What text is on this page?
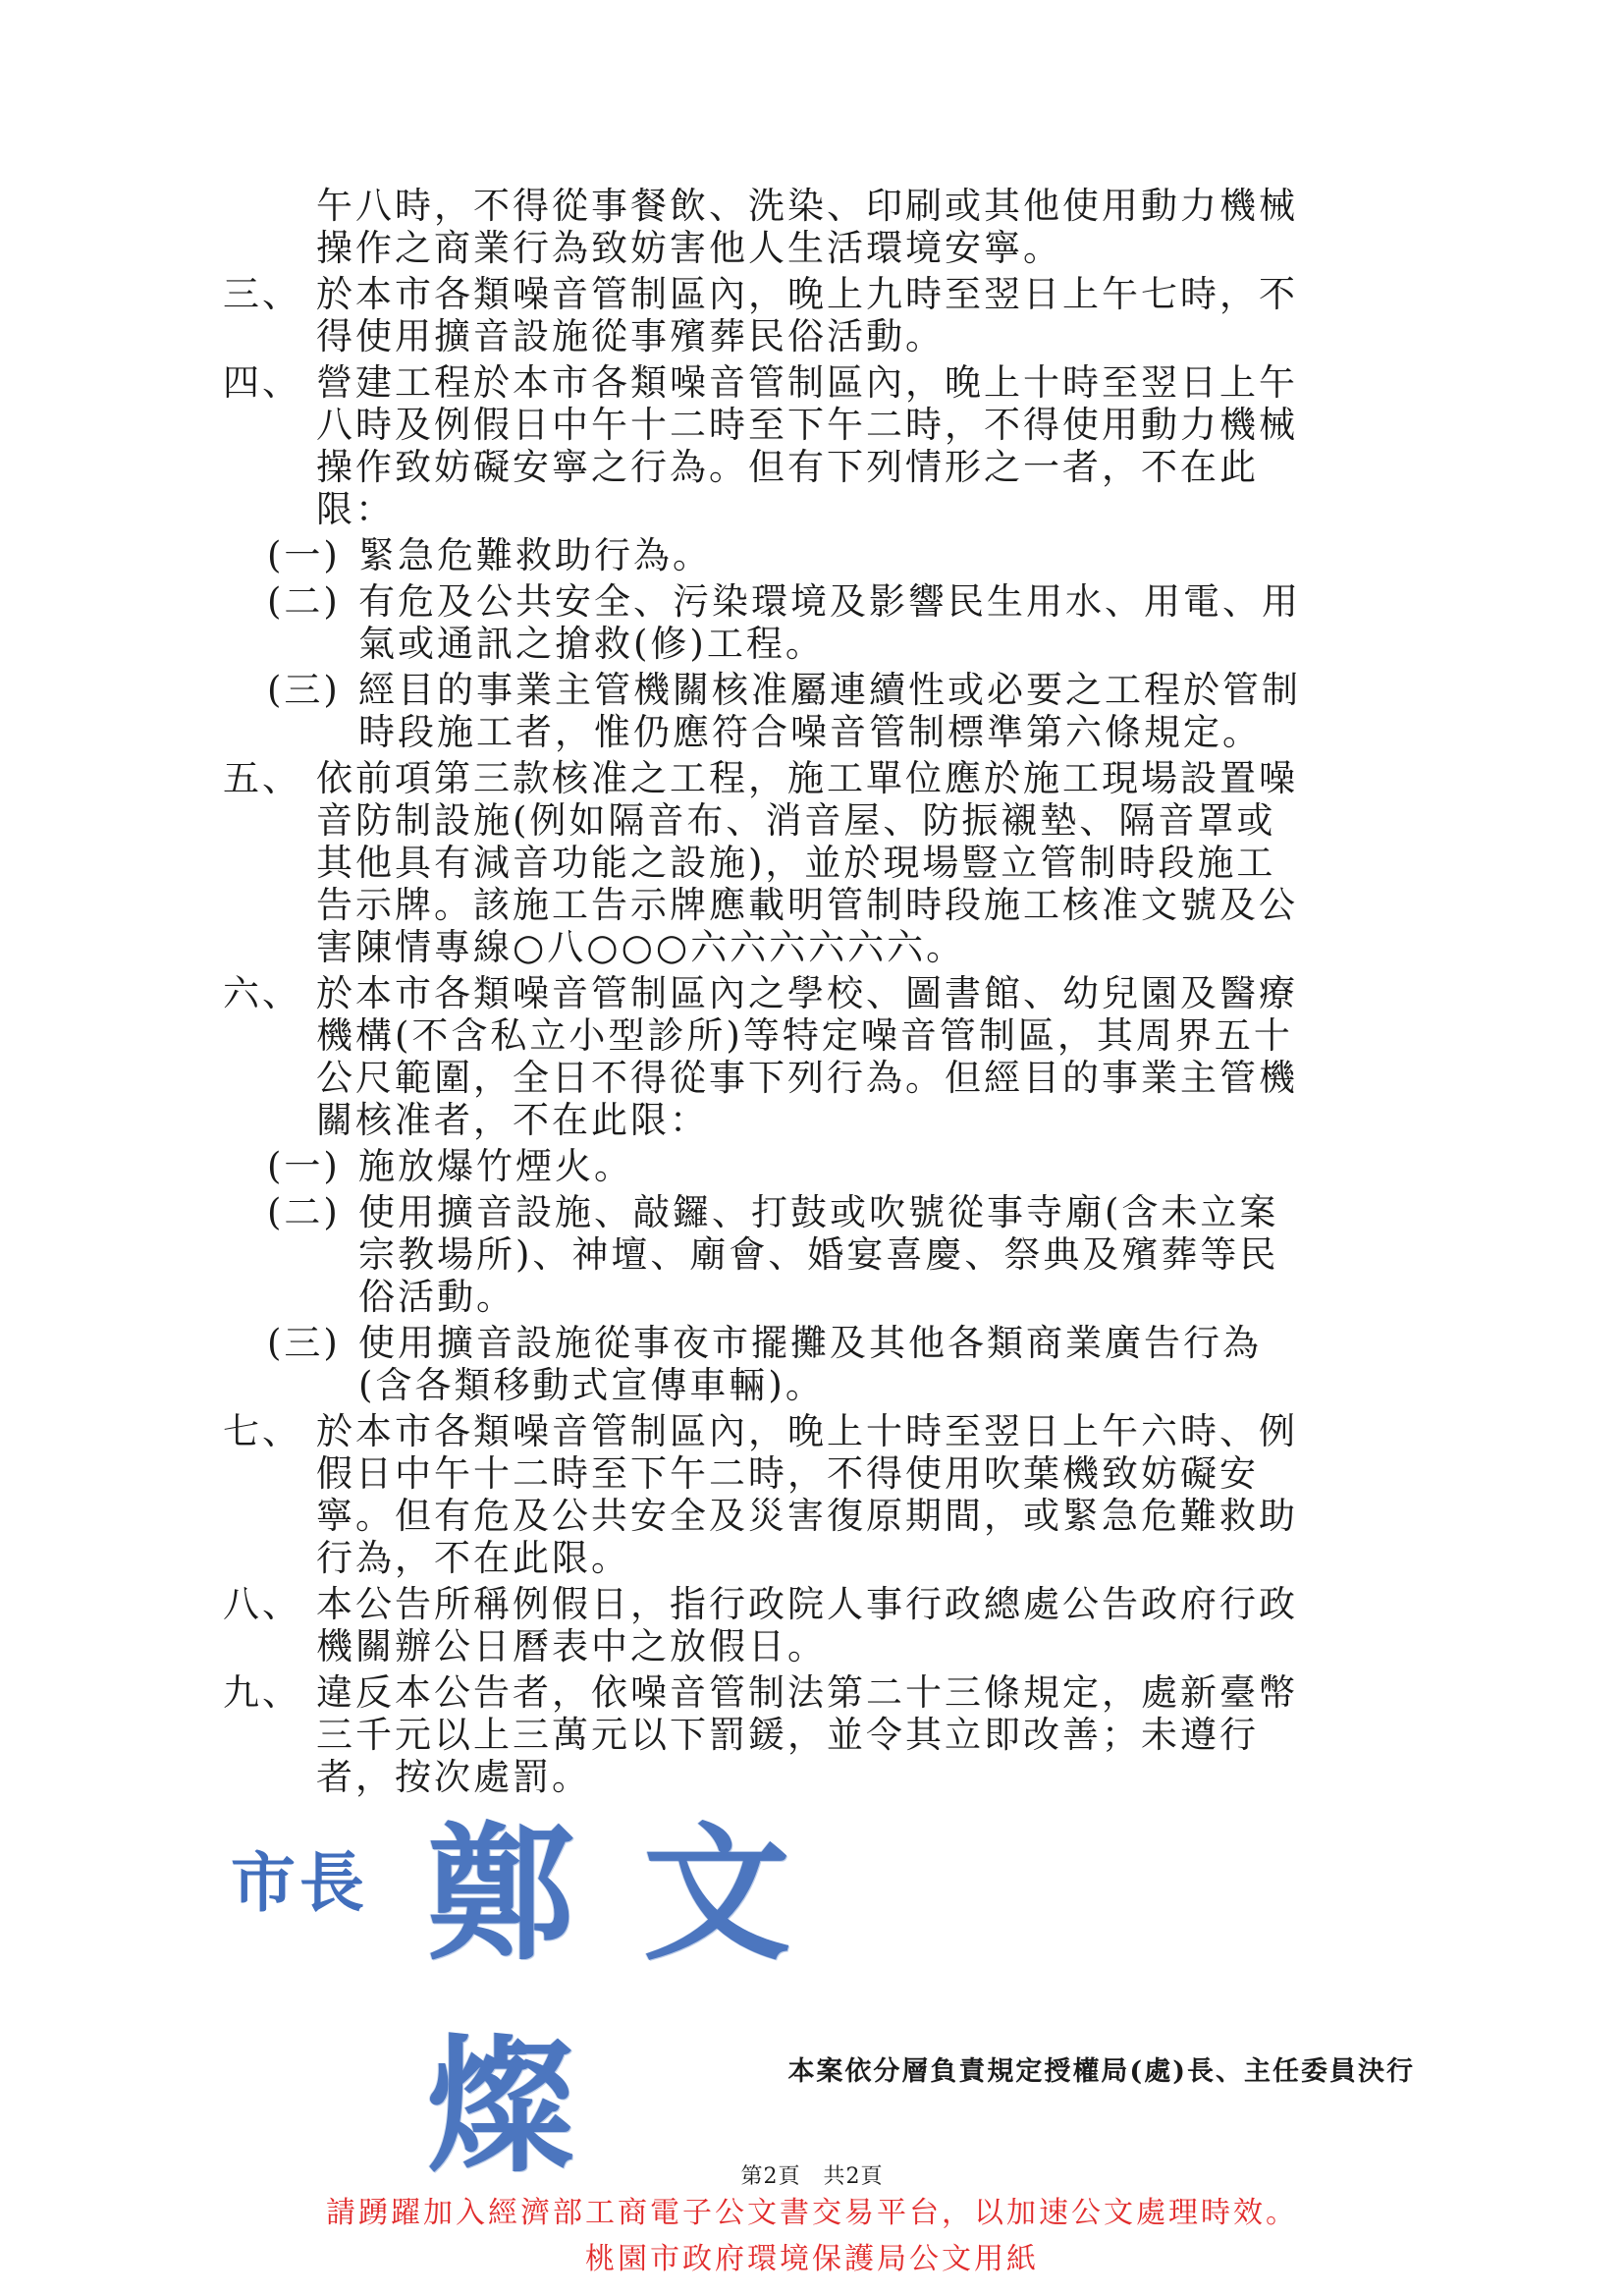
午八時，不得從事餐飲、洗染、印刷或其他使用動力機械
操作之商業行為致妨害他人生活環境安寧。
三、 於本市各類噪音管制區內，晚上九時至翌日上午七時，不
得使用擴音設施從事殯葬民俗活動。
四、 營建工程於本市各類噪音管制區內，晚上十時至翌日上午
八時及例假日中午十二時至下午二時，不得使用動力機械
操作致妨礙安寧之行為。但有下列情形之一者，不在此
限：
(一) 緊急危難救助行為。
(二) 有危及公共安全、污染環境及影響民生用水、用電、用
氣或通訊之搶救(修)工程。
(三) 經目的事業主管機關核准屬連續性或必要之工程於管制
時段施工者，惟仍應符合噪音管制標準第六條規定。
五、 依前項第三款核准之工程，施工單位應於施工現場設置噪
音防制設施(例如隔音布、消音屋、防振襯墊、隔音罩或
其他具有減音功能之設施)，並於現場豎立管制時段施工
告示牌。該施工告示牌應載明管制時段施工核准文號及公
害陳情專線○八○○○六六六六六六。
六、 於本市各類噪音管制區內之學校、圖書館、幼兒園及醫療
機構(不含私立小型診所)等特定噪音管制區，其周界五十
公尺範圍，全日不得從事下列行為。但經目的事業主管機
關核准者，不在此限：
(一) 施放爆竹煙火。
(二) 使用擴音設施、敲鑼、打鼓或吹號從事寺廟(含未立案
宗教場所)、神壇、廟會、婚宴喜慶、祭典及殯葬等民
俗活動。
(三) 使用擴音設施從事夜市擺攤及其他各類商業廣告行為
(含各類移動式宣傳車輛)。
七、 於本市各類噪音管制區內，晚上十時至翌日上午六時、例
假日中午十二時至下午二時，不得使用吹葉機致妨礙安
寧。但有危及公共安全及災害復原期間，或緊急危難救助
行為，不在此限。
八、 本公告所稱例假日，指行政院人事行政總處公告政府行政
機關辦公日曆表中之放假日。
九、 違反本公告者，依噪音管制法第二十三條規定，處新臺幣
三千元以上三萬元以下罰鍰，並令其立即改善；未遵行
者，按次處罰。
市長 鄭文燦	本案依分層負責規定授權局(處)長、主任委員決行
第2頁　共2頁
請踴躍加入經濟部工商電子公文書交易平台，以加速公文處理時效。
桃園市政府環境保護局公文用紙
